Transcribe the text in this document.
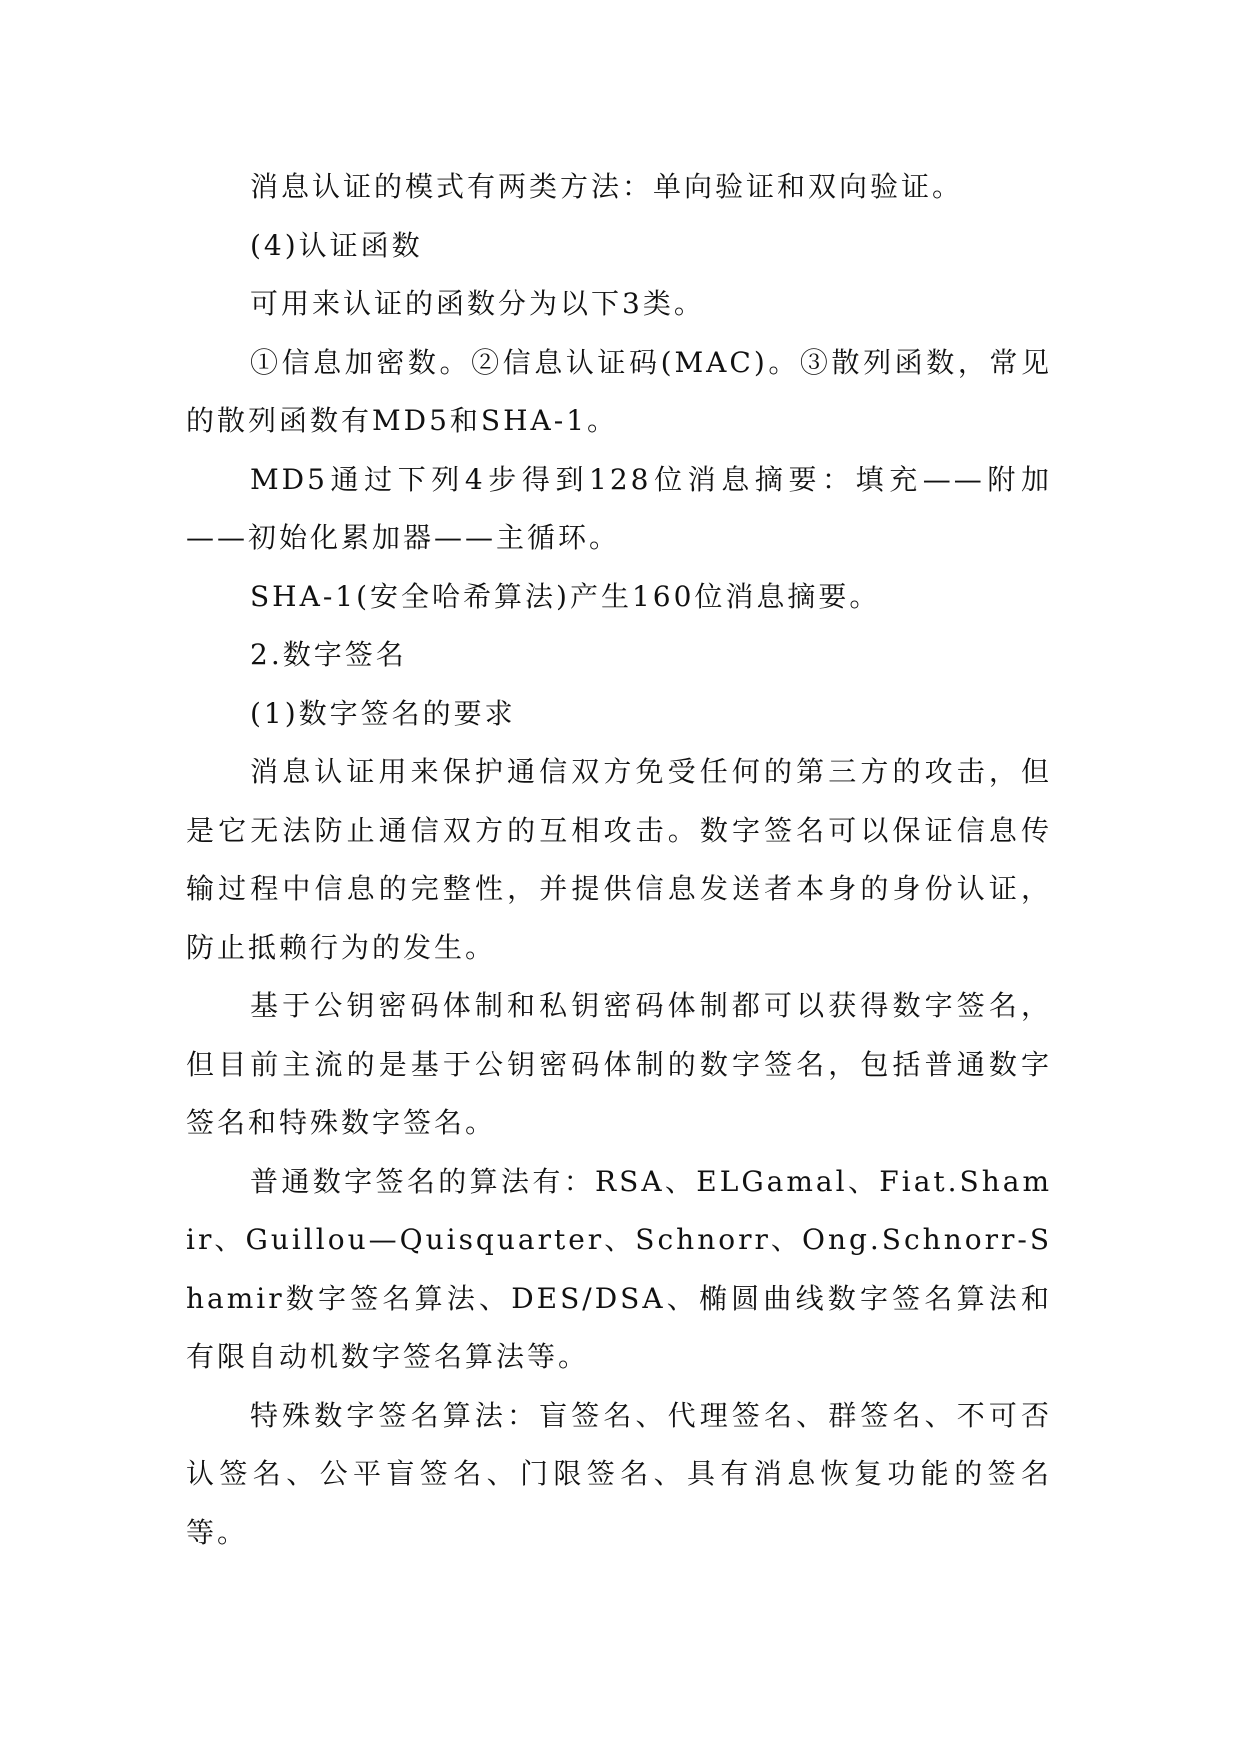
消息认证的模式有两类方法：单向验证和双向验证。

(4)认证函数

可用来认证的函数分为以下3类。

①信息加密数。②信息认证码(MAC)。③散列函数，常见的散列函数有MD5和SHA-1。

MD5通过下列4步得到128位消息摘要：填充——附加——初始化累加器——主循环。

SHA-1(安全哈希算法)产生160位消息摘要。

2.数字签名

(1)数字签名的要求

消息认证用来保护通信双方免受任何的第三方的攻击，但是它无法防止通信双方的互相攻击。数字签名可以保证信息传输过程中信息的完整性，并提供信息发送者本身的身份认证，防止抵赖行为的发生。

基于公钥密码体制和私钥密码体制都可以获得数字签名，但目前主流的是基于公钥密码体制的数字签名，包括普通数字签名和特殊数字签名。

普通数字签名的算法有：RSA、ELGamal、Fiat.Shamir、Guillou—Quisquarter、Schnorr、Ong.Schnorr-Shamir数字签名算法、DES/DSA、椭圆曲线数字签名算法和有限自动机数字签名算法等。

特殊数字签名算法：盲签名、代理签名、群签名、不可否认签名、公平盲签名、门限签名、具有消息恢复功能的签名等。
